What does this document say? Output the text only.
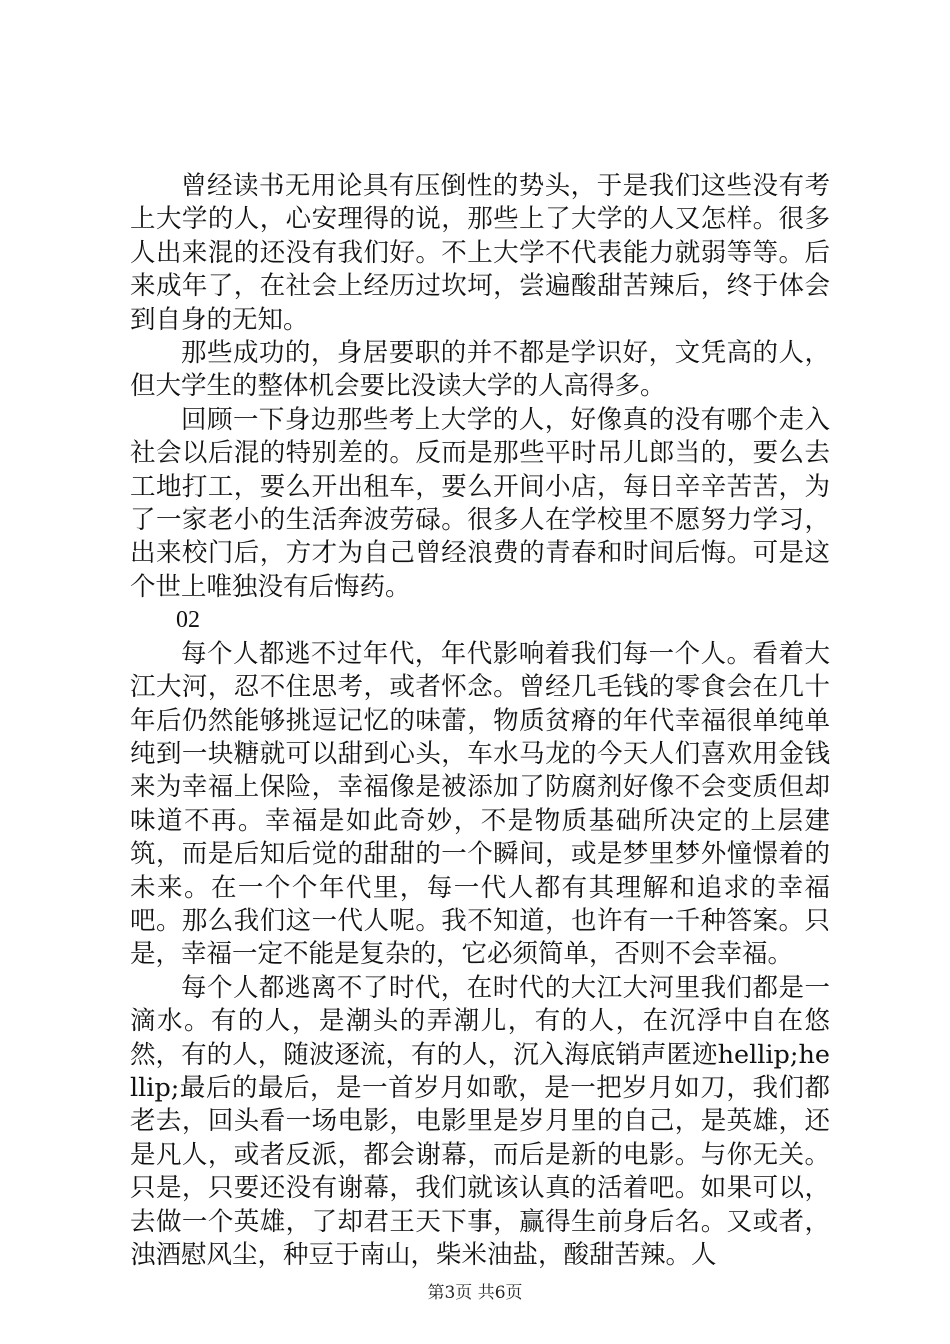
曾经读书无用论具有压倒性的势头，于是我们这些没有考上大学的人，心安理得的说，那些上了大学的人又怎样。很多人出来混的还没有我们好。不上大学不代表能力就弱等等。后来成年了，在社会上经历过坎坷，尝遍酸甜苦辣后，终于体会到自身的无知。

那些成功的，身居要职的并不都是学识好，文凭高的人，但大学生的整体机会要比没读大学的人高得多。

回顾一下身边那些考上大学的人，好像真的没有哪个走入社会以后混的特别差的。反而是那些平时吊儿郎当的，要么去工地打工，要么开出租车，要么开间小店，每日辛辛苦苦，为了一家老小的生活奔波劳碌。很多人在学校里不愿努力学习，出来校门后，方才为自己曾经浪费的青春和时间后悔。可是这个世上唯独没有后悔药。

02

每个人都逃不过年代，年代影响着我们每一个人。看着大江大河，忍不住思考，或者怀念。曾经几毛钱的零食会在几十年后仍然能够挑逗记忆的味蕾，物质贫瘠的年代幸福很单纯单纯到一块糖就可以甜到心头，车水马龙的今天人们喜欢用金钱来为幸福上保险，幸福像是被添加了防腐剂好像不会变质但却味道不再。幸福是如此奇妙，不是物质基础所决定的上层建筑，而是后知后觉的甜甜的一个瞬间，或是梦里梦外憧憬着的未来。在一个个年代里，每一代人都有其理解和追求的幸福吧。那么我们这一代人呢。我不知道，也许有一千种答案。只是，幸福一定不能是复杂的，它必须简单，否则不会幸福。

每个人都逃离不了时代，在时代的大江大河里我们都是一滴水。有的人，是潮头的弄潮儿，有的人，在沉浮中自在悠然，有的人，随波逐流，有的人，沉入海底销声匿迹hellip;hellip;最后的最后，是一首岁月如歌，是一把岁月如刀，我们都老去，回头看一场电影，电影里是岁月里的自己，是英雄，还是凡人，或者反派，都会谢幕，而后是新的电影。与你无关。只是，只要还没有谢幕，我们就该认真的活着吧。如果可以，去做一个英雄，了却君王天下事，赢得生前身后名。又或者，浊酒慰风尘，种豆于南山，柴米油盐，酸甜苦辣。人

第3页 共6页
